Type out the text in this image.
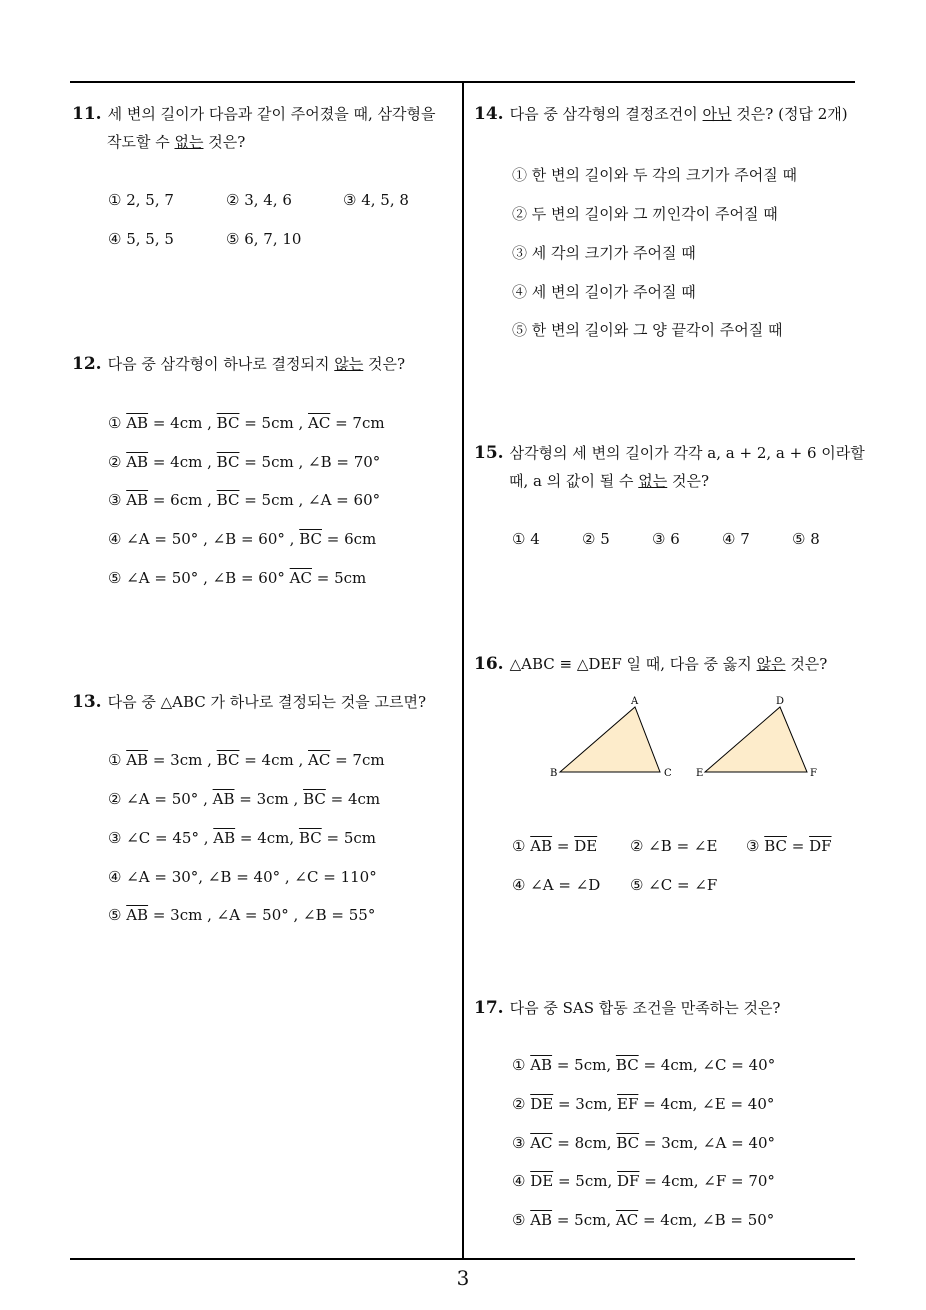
11. 세 변의 길이가 다음과 같이 주어졌을 때, 삼각형을
작도할 수 없는 것은?
① 2, 5, 7	② 3, 4, 6	③ 4, 5, 8
④ 5, 5, 5	⑤ 6, 7, 10
12. 다음 중 삼각형이 하나로 결정되지 않는 것은?
① $\overline{AB} = 4cm$ , $\overline{BC} = 5cm$ , $\overline{AC} = 7cm$
② $\overline{AB} = 4cm$ , $\overline{BC} = 5cm$ , ∠B = 70°
③ $\overline{AB} = 6cm$ , $\overline{BC} = 5cm$ , ∠A = 60°
④ ∠A = 50° , ∠B = 60° , $\overline{BC} = 6cm$
⑤ ∠A = 50° , ∠B = 60° $\overline{AC} = 5cm$
13. 다음 중 △ABC 가 하나로 결정되는 것을 고르면?
① $\overline{AB} = 3cm$ , $\overline{BC} = 4cm$ , $\overline{AC} = 7cm$
② ∠A = 50° , $\overline{AB} = 3cm$ , $\overline{BC} = 4cm$
③ ∠C = 45° , $\overline{AB} = 4cm$, $\overline{BC} = 5cm$
④ ∠A = 30°, ∠B = 40° , ∠C = 110°
⑤ $\overline{AB} = 3cm$ , ∠A = 50° , ∠B = 55°
14. 다음 중 삼각형의 결정조건이 아닌 것은? (정답 2개)
① 한 변의 길이와 두 각의 크기가 주어질 때
② 두 변의 길이와 그 끼인각이 주어질 때
③ 세 각의 크기가 주어질 때
④ 세 변의 길이가 주어질 때
⑤ 한 변의 길이와 그 양 끝각이 주어질 때
15. 삼각형의 세 변의 길이가 각각 a, a + 2, a + 6 이라할
때, a 의 값이 될 수 없는 것은?
① 4	② 5	③ 6	④ 7	⑤ 8
16. △ABC ≡ △DEF 일 때, 다음 중 옳지 않은 것은?
A
B	C
D
E	F
① $\overline{AB} = \overline{DE}$ ② ∠B = ∠E ③ $\overline{BC} = \overline{DF}$
④ ∠A = ∠D ⑤ ∠C = ∠F
17. 다음 중 SAS 합동 조건을 만족하는 것은?
① $\overline{AB} = 5cm$, $\overline{BC} = 4cm$, ∠C = 40°
② $\overline{DE} = 3cm$, $\overline{EF} = 4cm$, ∠E = 40°
③ $\overline{AC} = 8cm$, $\overline{BC} = 3cm$, ∠A = 40°
④ $\overline{DE} = 5cm$, $\overline{DF} = 4cm$, ∠F = 70°
⑤ $\overline{AB} = 5cm$, $\overline{AC} = 4cm$, ∠B = 50°
3
